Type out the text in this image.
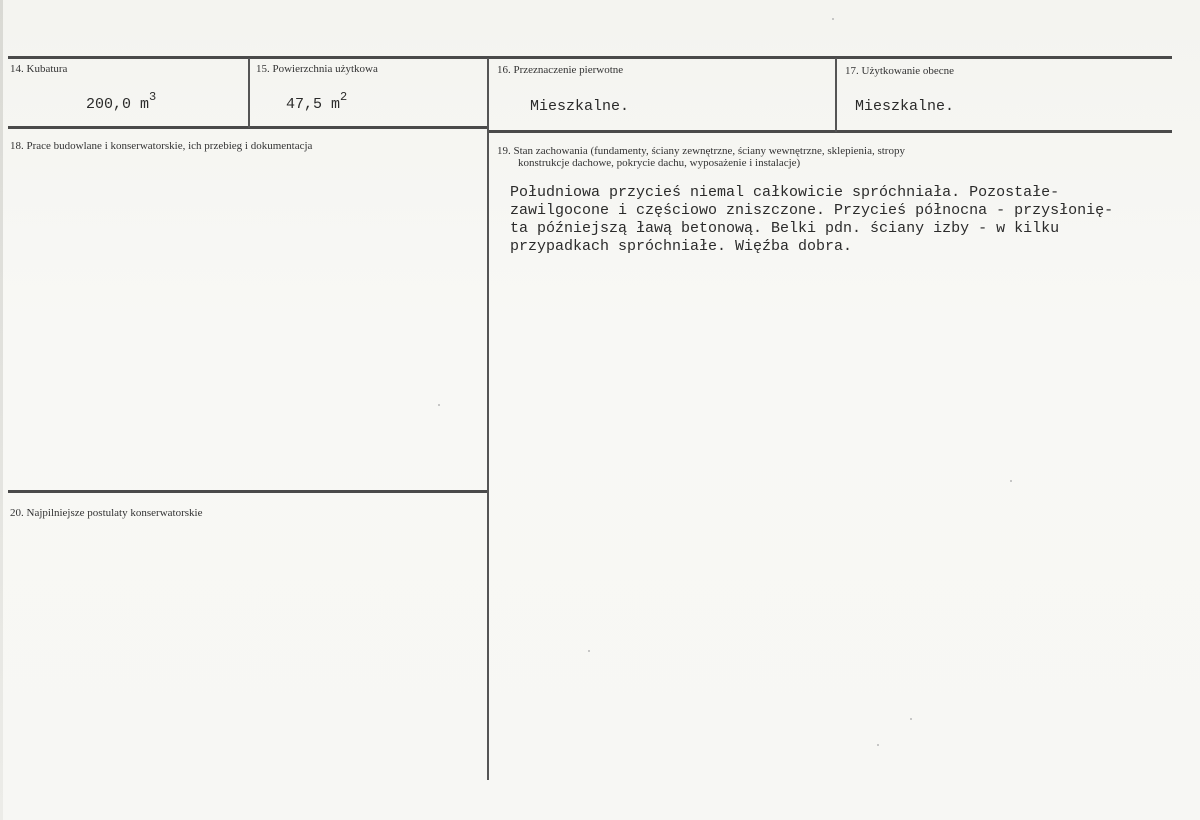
14. Kubatura
200,0 $m^3$
15. Powierzchnia użytkowa
47,5 $m^2$
16. Przeznaczenie pierwotne
Mieszkalne.
17. Użytkowanie obecne
Mieszkalne.
18. Prace budowlane i konserwatorskie, ich przebieg i dokumentacja	19. Stan zachowania (fundamenty, ściany zewnętrzne, ściany wewnętrzne, sklepienia, stropy
konstrukcje dachowe, pokrycie dachu, wyposażenie i instalacje)
Południowa przycieś niemal całkowicie spróchniała. Pozostałe-
zawilgocone i częściowo zniszczone. Przycieś północna - przysłonię-
ta późniejszą ławą betonową. Belki pdn. ściany izby - w kilku
przypadkach spróchniałe. Więźba dobra.
20. Najpilniejsze postulaty konserwatorskie
